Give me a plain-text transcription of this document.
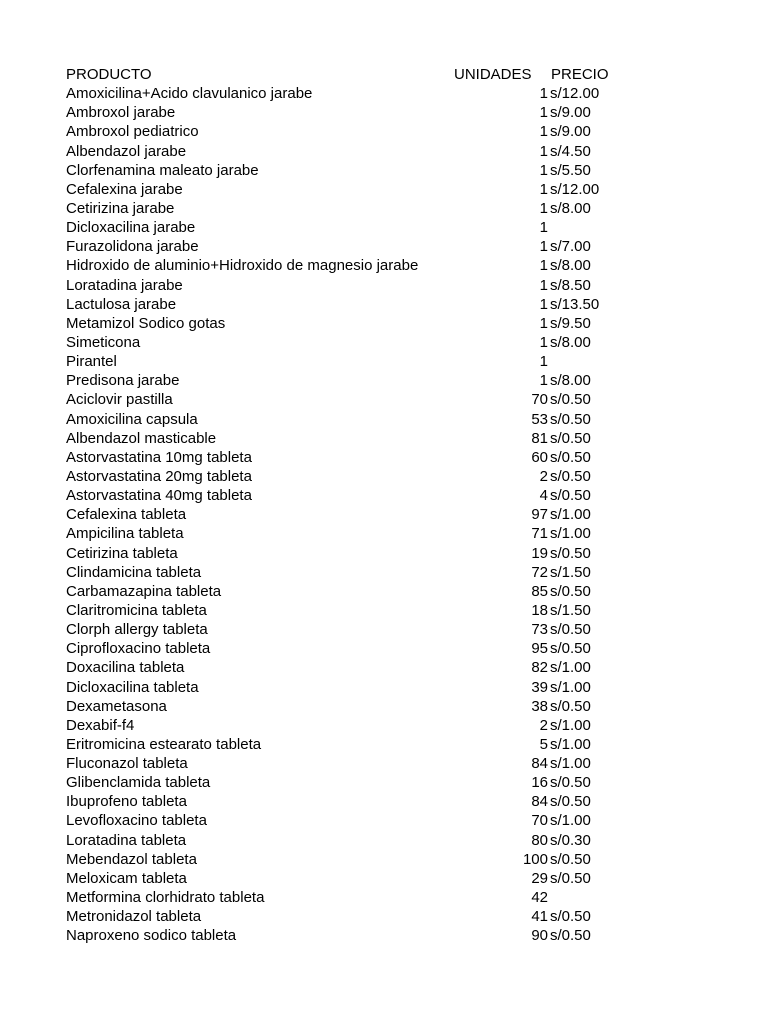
PRODUCTO	UNIDADES PRECIO
Amoxicilina+Acido clavulanico jarabe	1 s/12.00
Ambroxol jarabe	1 s/9.00
Ambroxol pediatrico	1 s/9.00
Albendazol jarabe	1 s/4.50
Clorfenamina maleato jarabe	1 s/5.50
Cefalexina jarabe	1 s/12.00
Cetirizina jarabe	1 s/8.00
Dicloxacilina jarabe	1
Furazolidona jarabe	1 s/7.00
Hidroxido de aluminio+Hidroxido de magnesio jarabe	1 s/8.00
Loratadina jarabe	1 s/8.50
Lactulosa jarabe	1 s/13.50
Metamizol Sodico gotas	1 s/9.50
Simeticona	1 s/8.00
Pirantel	1
Predisona jarabe	1 s/8.00
Aciclovir pastilla	70 s/0.50
Amoxicilina capsula	53 s/0.50
Albendazol masticable	81 s/0.50
Astorvastatina 10mg tableta	60 s/0.50
Astorvastatina 20mg tableta	2 s/0.50
Astorvastatina 40mg tableta	4 s/0.50
Cefalexina tableta	97 s/1.00
Ampicilina tableta	71 s/1.00
Cetirizina tableta	19 s/0.50
Clindamicina tableta	72 s/1.50
Carbamazapina tableta	85 s/0.50
Claritromicina tableta	18 s/1.50
Clorph allergy tableta	73 s/0.50
Ciprofloxacino tableta	95 s/0.50
Doxacilina tableta	82 s/1.00
Dicloxacilina tableta	39 s/1.00
Dexametasona	38 s/0.50
Dexabif-f4	2 s/1.00
Eritromicina estearato tableta	5 s/1.00
Fluconazol tableta	84 s/1.00
Glibenclamida tableta	16 s/0.50
Ibuprofeno tableta	84 s/0.50
Levofloxacino tableta	70 s/1.00
Loratadina tableta	80 s/0.30
Mebendazol tableta	100 s/0.50
Meloxicam tableta	29 s/0.50
Metformina clorhidrato tableta	42
Metronidazol tableta	41 s/0.50
Naproxeno sodico tableta	90 s/0.50
